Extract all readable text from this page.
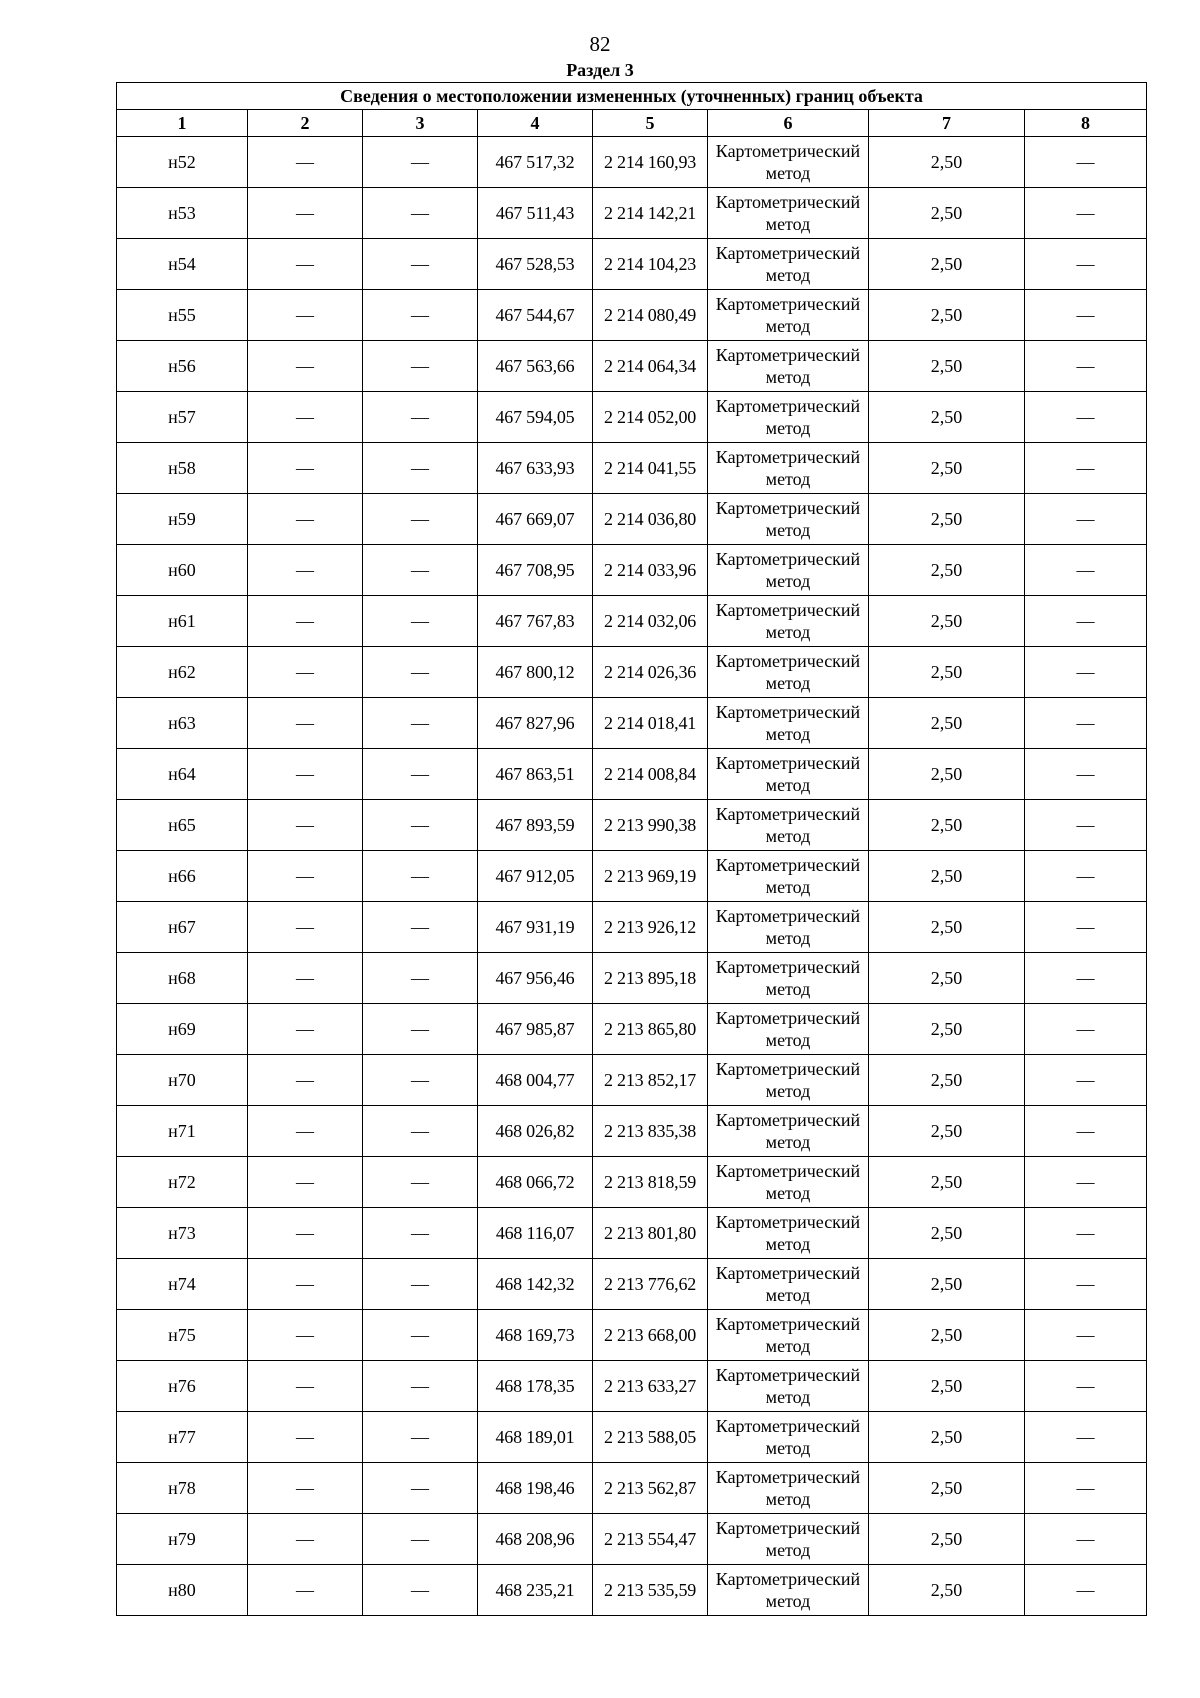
82
Раздел 3
Сведения о местоположении измененных (уточненных) границ объекта							
1	2	3	4	5	6	7	8
н52	—	—	467 517,32	2 214 160,93	Картометрический метод	2,50	—
н53	—	—	467 511,43	2 214 142,21	Картометрический метод	2,50	—
н54	—	—	467 528,53	2 214 104,23	Картометрический метод	2,50	—
н55	—	—	467 544,67	2 214 080,49	Картометрический метод	2,50	—
н56	—	—	467 563,66	2 214 064,34	Картометрический метод	2,50	—
н57	—	—	467 594,05	2 214 052,00	Картометрический метод	2,50	—
н58	—	—	467 633,93	2 214 041,55	Картометрический метод	2,50	—
н59	—	—	467 669,07	2 214 036,80	Картометрический метод	2,50	—
н60	—	—	467 708,95	2 214 033,96	Картометрический метод	2,50	—
н61	—	—	467 767,83	2 214 032,06	Картометрический метод	2,50	—
н62	—	—	467 800,12	2 214 026,36	Картометрический метод	2,50	—
н63	—	—	467 827,96	2 214 018,41	Картометрический метод	2,50	—
н64	—	—	467 863,51	2 214 008,84	Картометрический метод	2,50	—
н65	—	—	467 893,59	2 213 990,38	Картометрический метод	2,50	—
н66	—	—	467 912,05	2 213 969,19	Картометрический метод	2,50	—
н67	—	—	467 931,19	2 213 926,12	Картометрический метод	2,50	—
н68	—	—	467 956,46	2 213 895,18	Картометрический метод	2,50	—
н69	—	—	467 985,87	2 213 865,80	Картометрический метод	2,50	—
н70	—	—	468 004,77	2 213 852,17	Картометрический метод	2,50	—
н71	—	—	468 026,82	2 213 835,38	Картометрический метод	2,50	—
н72	—	—	468 066,72	2 213 818,59	Картометрический метод	2,50	—
н73	—	—	468 116,07	2 213 801,80	Картометрический метод	2,50	—
н74	—	—	468 142,32	2 213 776,62	Картометрический метод	2,50	—
н75	—	—	468 169,73	2 213 668,00	Картометрический метод	2,50	—
н76	—	—	468 178,35	2 213 633,27	Картометрический метод	2,50	—
н77	—	—	468 189,01	2 213 588,05	Картометрический метод	2,50	—
н78	—	—	468 198,46	2 213 562,87	Картометрический метод	2,50	—
н79	—	—	468 208,96	2 213 554,47	Картометрический метод	2,50	—
н80	—	—	468 235,21	2 213 535,59	Картометрический метод	2,50	—
